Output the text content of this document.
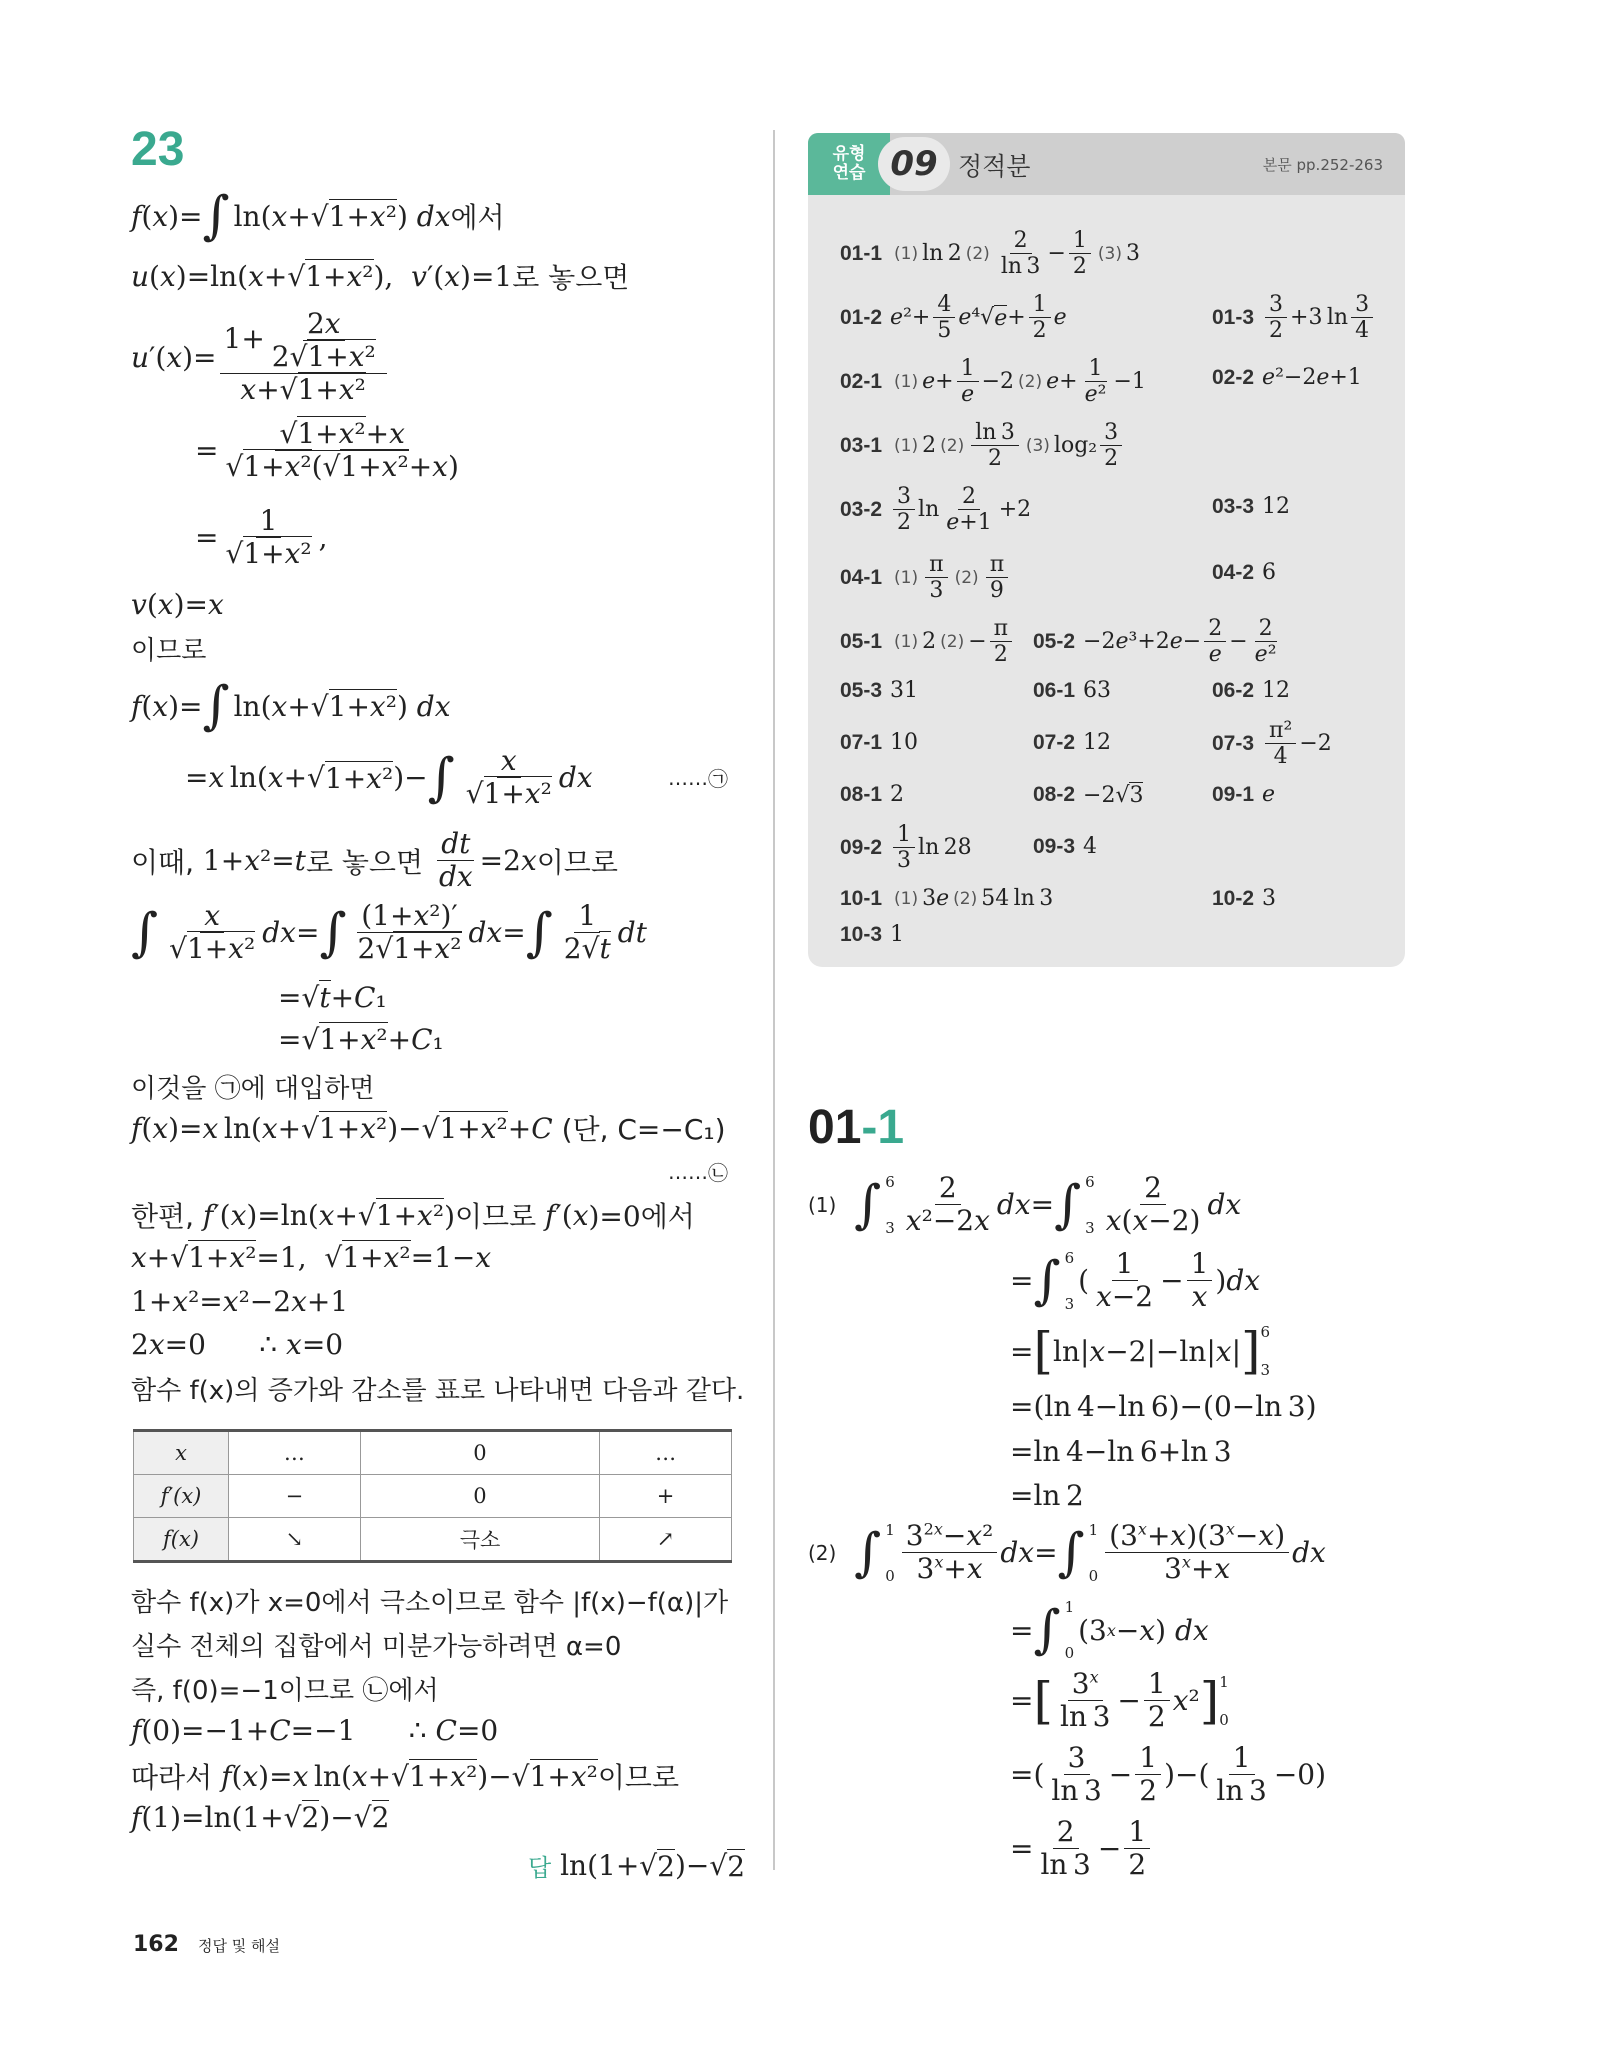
23
f ( x )= ∫ ln( x +√ 1+x² ) dx 에서
u ( x )=ln( x +√ 1+x² ), v ′( x )=1 로 놓으면
u ′( x )= $\frac{1+ \frac{2x}{\text{2√1+x²}}}{\text{x+√1+x²}}$
= $\frac{\text{√1+x²+x}}{\text{√1+x²(√1+x²+x)}}$
= $\frac{1}{\text{√1+x²}}$ ,
v ( x )= x
이므로
f ( x )= ∫ ln( x +√ 1+x² ) dx
= x  ln( x +√ 1+x² )− ∫ $\frac{x}{\text{√1+x²}}$ dx	…… ㉠
이때, 1+ x ²= t 로 놓으면
$\frac{dt}{dx} =2$ x 이므로
∫ $\frac{x}{\text{√1+x²}}$ dx = ∫ $\frac{\text{(1+x²)′}}{\text{2√1+x²}}$ dx = ∫ $\frac{1}{2√t}$ dt
=√ t + C ₁
=√ 1+x² + C ₁
이것을 ㉠에 대입하면
f ( x )= x  ln( x +√ 1+x² )−√ 1+x² + C
(단, C=−C₁)
…… ㉡
한편,
f ′( x )=ln( x +√ 1+x² )이므로 f ′( x )=0에서
x +√ 1+x² =1,  √ 1+x² =1− x
1+ x ²= x ²−2 x +1
2 x =0      ∴ x =0
함수 f(x)의 증가와 감소를 표로 나타내면 다음과 같다.
x	…	0	…
f′(x)	−	0	+
f(x)	↘	극소	↗
함수 f(x)가 x=0에서 극소이므로 함수 |f(x)−f(α)|가
실수 전체의 집합에서 미분가능하려면 α=0
즉, f(0)=−1이므로 ㉡에서
f (0)=−1+ C =−1      ∴ C =0
따라서
f ( x )= x  ln( x +√ 1+x² )−√ 1+x² 이므로
f (1)=ln(1+√ 2 )−√ 2
답 ln(1+√ 2 )−√ 2
유형
연습 09 정적분	본문 pp.252-263
01-1 (1) ln 2 $(2) \frac{2}{\ln 3} - \frac{1}{2} (3)$ 3
01-2 e $^2+ \frac{4}{5}$ e ⁴√ $e + \frac{1}{2}$ e	$01-3 \frac{3}{2} +3$ $\ln \frac{3}{4}$
02-1 (1) $e + \frac{1}{e} -2$ (2) $e + \frac{1}{\text{e²}} -1$	02-2 e ²−2 e +1
03-1 (1) 2 $(2) \frac{\ln 3}{2} (3)$ $\log_2 \frac{3}{2}$
$03-2 \frac{3}{2}$ $\ln \frac{2}{e+1} +2$	03-3 12
04-1 $(1) \frac{\pi}{3} (2) \frac{\pi}{9}$	04-2 6
05-1 (1) 2 $(2) - \frac{\pi}{2} 05-2 -2$ e ³+2 $e - \frac{2}{e} - \frac{2}{\text{e²}}$
05-3 31	06-1 63	06-2 12
07-1 10	07-2 12	$07-3 \frac{\text{π²}}{4} -2$
08-1 2	08-2 −2√ 3	09-1 e
$09-2 \frac{1}{3}$ ln 28	09-3 4
10-1 (1) 3 e (2) 54 ln 3	10-2 3
10-3 1
01 -1
(1)
∫ 6
$3 \frac{2}{\text{x²−2x}}$ dx = ∫ 6
$3 \frac{2}{x(x-2)}$ dx
= ∫ 6
3
( $\frac{1}{x-2} - \frac{1}{x}$ ) dx
= [ ln| x −2|−ln| x | ] 6
3
=(ln 4−ln 6)−(0−ln 3)
=ln 4−ln 6+ln 3
=ln 2
(2)
∫ 1
$0 \frac{3^{2x}-x^2}{3^x+x}$ dx = ∫ 1
$0 \frac{(3^x+x)(3^x-x)}{3^x+x}$ dx
= ∫ 1
0
(3 x − x ) dx
= [ $\frac{3^x}{\ln 3} - \frac{1}{2}$ x ² ] 1
0
=( $\frac{3}{\ln 3} - \frac{1}{2}$ )−( $\frac{1}{\ln 3} -0$)
= $\frac{2}{\ln 3} - \frac{1}{2}$
162 정답 및 해설
